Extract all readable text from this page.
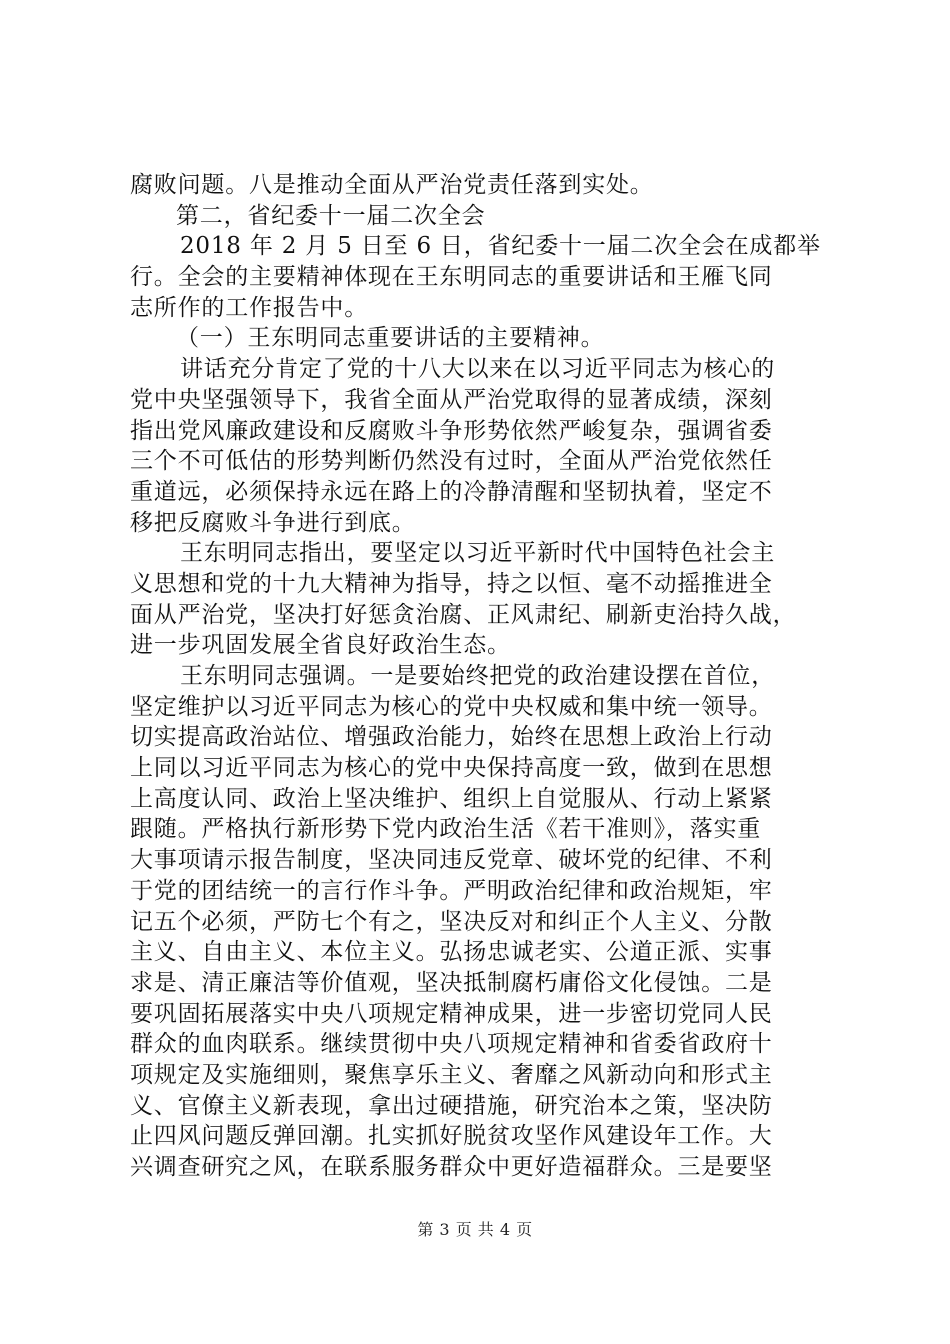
腐败问题。八是推动全面从严治党责任落到实处。
第二，省纪委十一届二次全会
2018 年 2 月 5 日至 6 日，省纪委十一届二次全会在成都举
行。全会的主要精神体现在王东明同志的重要讲话和王雁飞同
志所作的工作报告中。
（一）王东明同志重要讲话的主要精神。
讲话充分肯定了党的十八大以来在以习近平同志为核心的
党中央坚强领导下，我省全面从严治党取得的显著成绩，深刻
指出党风廉政建设和反腐败斗争形势依然严峻复杂，强调省委
三个不可低估的形势判断仍然没有过时，全面从严治党依然任
重道远，必须保持永远在路上的冷静清醒和坚韧执着，坚定不
移把反腐败斗争进行到底。
王东明同志指出，要坚定以习近平新时代中国特色社会主
义思想和党的十九大精神为指导，持之以恒、毫不动摇推进全
面从严治党，坚决打好惩贪治腐、正风肃纪、刷新吏治持久战，
进一步巩固发展全省良好政治生态。
王东明同志强调。一是要始终把党的政治建设摆在首位，
坚定维护以习近平同志为核心的党中央权威和集中统一领导。
切实提高政治站位、增强政治能力，始终在思想上政治上行动
上同以习近平同志为核心的党中央保持高度一致，做到在思想
上高度认同、政治上坚决维护、组织上自觉服从、行动上紧紧
跟随。严格执行新形势下党内政治生活《若干准则》，落实重
大事项请示报告制度，坚决同违反党章、破坏党的纪律、不利
于党的团结统一的言行作斗争。严明政治纪律和政治规矩，牢
记五个必须，严防七个有之，坚决反对和纠正个人主义、分散
主义、自由主义、本位主义。弘扬忠诚老实、公道正派、实事
求是、清正廉洁等价值观，坚决抵制腐朽庸俗文化侵蚀。二是
要巩固拓展落实中央八项规定精神成果，进一步密切党同人民
群众的血肉联系。继续贯彻中央八项规定精神和省委省政府十
项规定及实施细则，聚焦享乐主义、奢靡之风新动向和形式主
义、官僚主义新表现，拿出过硬措施，研究治本之策，坚决防
止四风问题反弹回潮。扎实抓好脱贫攻坚作风建设年工作。大
兴调查研究之风，在联系服务群众中更好造福群众。三是要坚
第 3 页 共 4 页
